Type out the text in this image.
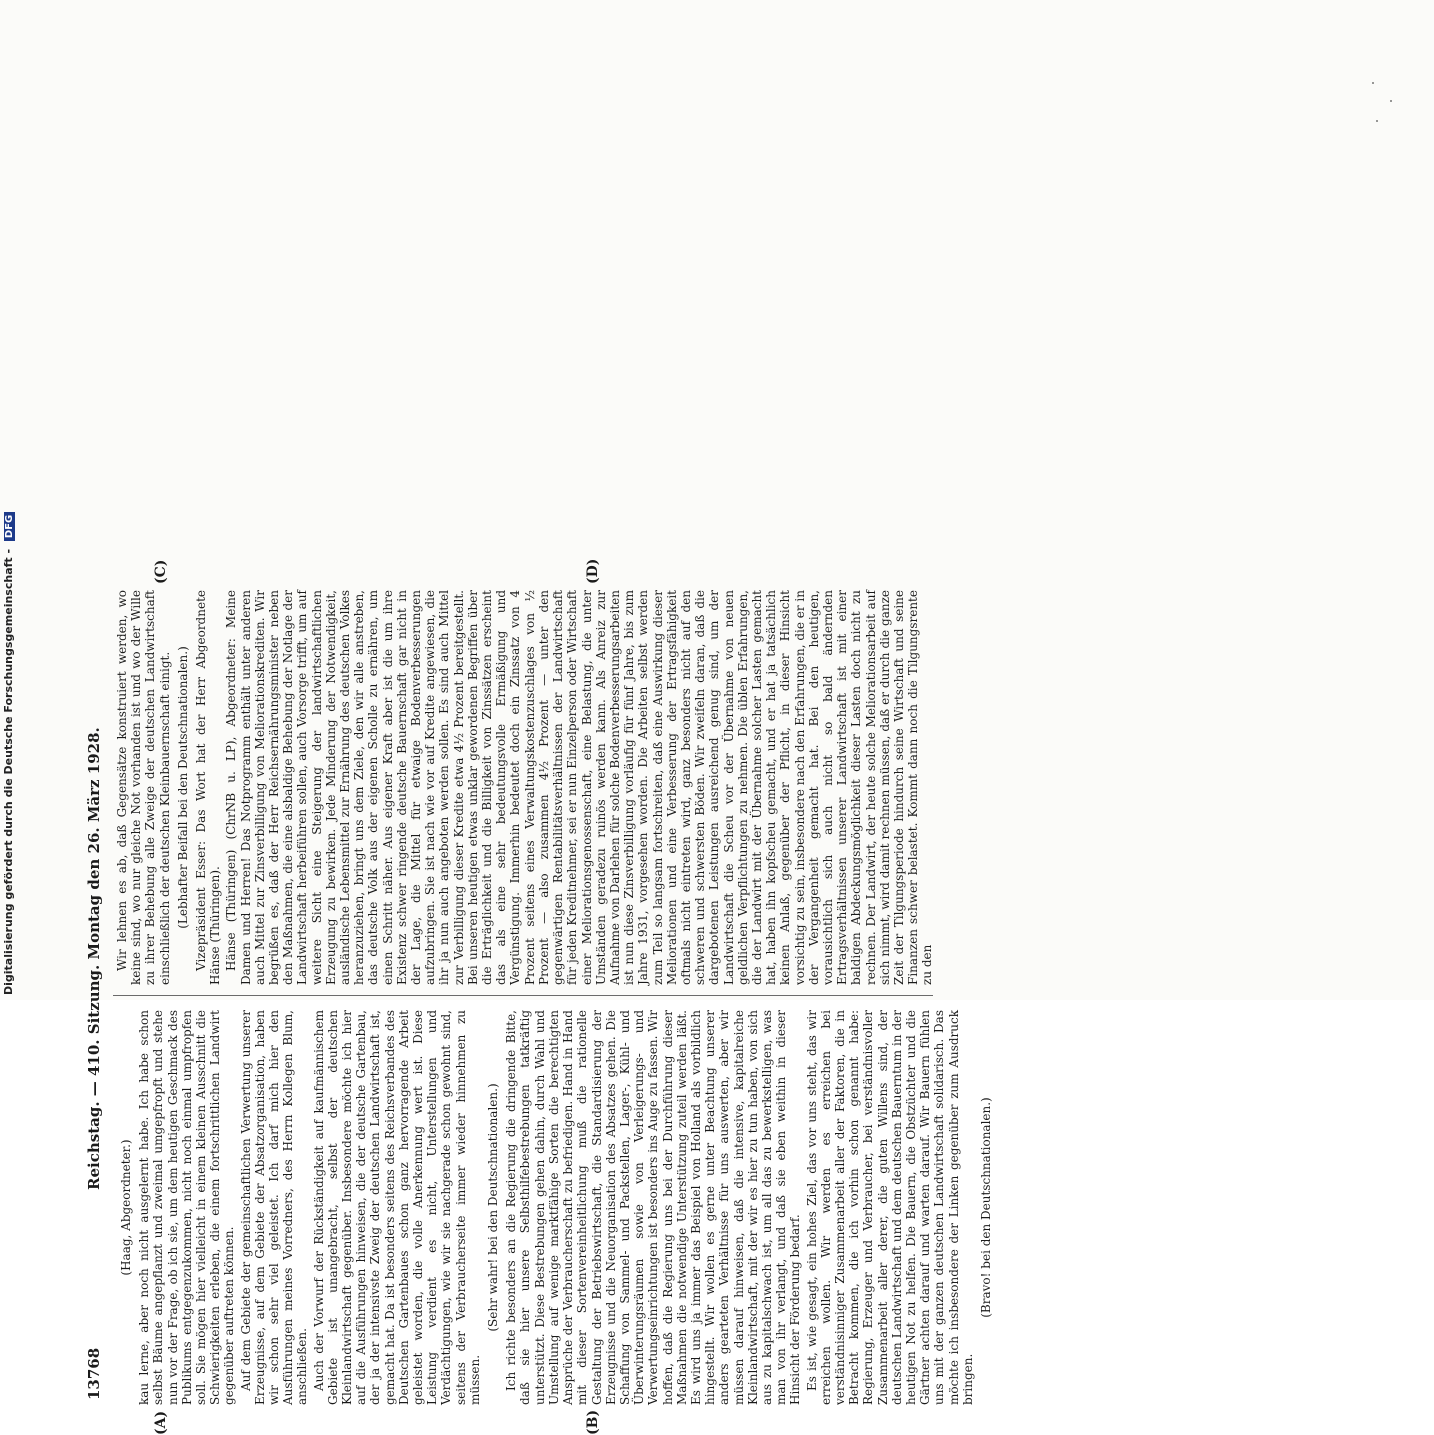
13768
Reichstag. — 410. Sitzung. Montag den 26. März 1928.
(A)	(B)
(C)	(D)

(Haag, Abgeordneter.) kau lerne, aber noch nicht ausgelernt habe. Ich habe schon selbst Bäume angepflanzt und zweimal umgepfropft und stehe nun vor der Frage, ob ich sie, um dem heutigen Geschmack des Publikums entgegenzukommen, nicht noch einmal umpfropfen soll. Sie mögen hier vielleicht in einem kleinen Ausschnitt die Schwierigkeiten erleben, die einem fortschrittlichen Landwirt gegenüber auftreten können. Auf dem Gebiete der gemeinschaftlichen Verwertung unserer Erzeugnisse, auf dem Gebiete der Absatzorganisation, haben wir schon sehr viel geleistet. Ich darf mich hier den Ausführungen meines Vorredners, des Herrn Kollegen Blum, anschließen. Auch der Vorwurf der Rückständigkeit auf kaufmännischem Gebiete ist unangebracht, selbst der deutschen Kleinlandwirtschaft gegenüber. Insbesondere möchte ich hier auf die Ausführungen hinweisen, die der deutsche Gartenbau, der ja der intensivste Zweig der deutschen Landwirtschaft ist, gemacht hat. Da ist besonders seitens des Reichsverbandes des Deutschen Gartenbaues schon ganz hervorragende Arbeit geleistet worden, die volle Anerkennung wert ist. Diese Leistung verdient es nicht, Unterstellungen und Verdächtigungen, wie wir sie nachgerade schon gewohnt sind, seitens der Verbraucherseite immer wieder hinnehmen zu müssen.

(Sehr wahr! bei den Deutschnationalen.) Ich richte besonders an die Regierung die dringende Bitte, daß sie hier unsere Selbsthilfebestrebungen tatkräftig unterstützt. Diese Bestrebungen gehen dahin, durch Wahl und Umstellung auf wenige marktfähige Sorten die berechtigten Ansprüche der Verbraucherschaft zu befriedigen. Hand in Hand mit dieser Sortenvereinheitlichung muß die rationelle Gestaltung der Betriebswirtschaft, die Standardisierung der Erzeugnisse und die Neuorganisation des Absatzes gehen. Die Schaffung von Sammel- und Packstellen, Lager-, Kühl- und Überwinterungsräumen sowie von Verleigerungs- und Verwertungseinrichtungen ist besonders ins Auge zu fassen. Wir hoffen, daß die Regierung uns bei der Durchführung dieser Maßnahmen die notwendige Unterstützung zuteil werden läßt. Es wird uns ja immer das Beispiel von Holland als vorbildlich hingestellt. Wir wollen es gerne unter Beachtung unserer anders gearteten Verhältnisse für uns auswerten, aber wir müssen darauf hinweisen, daß die intensive, kapitalreiche Kleinlandwirtschaft, mit der wir es hier zu tun haben, von sich aus zu kapitalschwach ist, um all das zu bewerkstelligen, was man von ihr verlangt, und daß sie eben weithin in dieser Hinsicht der Förderung bedarf. Es ist, wie gesagt, ein hohes Ziel, das vor uns steht, das wir erreichen wollen. Wir werden es erreichen bei verständnisinniger Zusammenarbeit aller der Faktoren, die in Betracht kommen, die ich vorhin schon genannt habe: Regierung, Erzeuger und Verbraucher, bei verständnisvoller Zusammenarbeit aller derer, die guten Willens sind, der deutschen Landwirtschaft und dem deutschen Bauerntum in der heutigen Not zu helfen. Die Bauern, die Obstzüchter und die Gärtner achten darauf und warten darauf. Wir Bauern fühlen uns mit der ganzen deutschen Landwirtschaft solidarisch. Das möchte ich insbesondere der Linken gegenüber zum Ausdruck bringen.

(Bravo! bei den Deutschnationalen.)

Wir lehnen es ab, daß Gegensätze konstruiert werden, wo keine sind, wo nur gleiche Not vorhanden ist und wo der Wille zu ihrer Behebung alle Zweige der deutschen Landwirtschaft einschließlich der deutschen Kleinbauernschaft einigt. (Lebhafter Beifall bei den Deutschnationalen.) Vizepräsident Esser: Das Wort hat der Herr Abgeordnete Hänse (Thüringen). Hänse (Thüringen) (ChrNB u. LP), Abgeordneter: Meine Damen und Herren! Das Notprogramm enthält unter anderen auch Mittel zur Zinsverbilligung von Meliorationskrediten. Wir begrüßen es, daß der Herr Reichsernährungsminister neben den Maßnahmen, die eine alsbaldige Behebung der Notlage der Landwirtschaft herbeiführen sollen, auch Vorsorge trifft, um auf weitere Sicht eine Steigerung der landwirtschaftlichen Erzeugung zu bewirken. Jede Minderung der Notwendigkeit, ausländische Lebensmittel zur Ernährung des deutschen Volkes heranzuziehen, bringt uns dem Ziele, den wir alle anstreben, das deutsche Volk aus der eigenen Scholle zu ernähren, um einen Schritt näher. Aus eigener Kraft aber ist die um ihre Existenz schwer ringende deutsche Bauernschaft gar nicht in der Lage, die Mittel für etwaige Bodenverbesserungen aufzubringen. Sie ist nach wie vor auf Kredite angewiesen, die ihr ja nun auch angeboten werden sollen. Es sind auch Mittel zur Verbilligung dieser Kredite etwa 4½ Prozent bereitgestellt. Bei unseren heutigen etwas unklar gewordenen Begriffen über die Erträglichkeit und die Billigkeit von Zinssätzen erscheint das als eine sehr bedeutungsvolle Ermäßigung und Vergünstigung. Immerhin bedeutet doch ein Zinssatz von 4 Prozent seitens eines Verwaltungskostenzuschlages von ½ Prozent — also zusammen 4½ Prozent — unter den gegenwärtigen Rentabilitätsverhältnissen der Landwirtschaft für jeden Kreditnehmer, sei er nun Einzelperson oder Wirtschaft einer Meliorationsgenossenschaft, eine Belastung, die unter Umständen geradezu ruinös werden kann. Als Anreiz zur Aufnahme von Darlehen für solche Bodenverbesserungsarbeiten ist nun diese Zinsverbilligung vorläufig für fünf Jahre, bis zum Jahre 1931, vorgesehen worden. Die Arbeiten selbst werden zum Teil so langsam fortschreiten, daß eine Auswirkung dieser Meliorationen und eine Verbesserung der Ertragsfähigkeit oftmals nicht eintreten wird, ganz besonders nicht auf den schweren und schwersten Böden. Wir zweifeln daran, daß die dargebotenen Leistungen ausreichend genug sind, um der Landwirtschaft die Scheu vor der Übernahme von neuen geldlichen Verpflichtungen zu nehmen. Die üblen Erfahrungen, die der Landwirt mit der Übernahme solcher Lasten gemacht hat, haben ihn kopfscheu gemacht, und er hat ja tatsächlich keinen Anlaß, gegenüber der Pflicht, in dieser Hinsicht vorsichtig zu sein, insbesondere nach den Erfahrungen, die er in der Vergangenheit gemacht hat. Bei den heutigen, vorausichtlich sich auch nicht so bald ändernden Ertragsverhältnissen unserer Landwirtschaft ist mit einer baldigen Abdeckungsmöglichkeit dieser Lasten doch nicht zu rechnen. Der Landwirt, der heute solche Meliorationsarbeit auf sich nimmt, wird damit rechnen müssen, daß er durch die ganze Zeit der Tilgungsperiode hindurch seine Wirtschaft und seine Finanzen schwer belastet. Kommt dann noch die Tilgungsrente zu den

Digitalisierung gefördert durch die Deutsche Forschungsgemeinschaft - DFG
